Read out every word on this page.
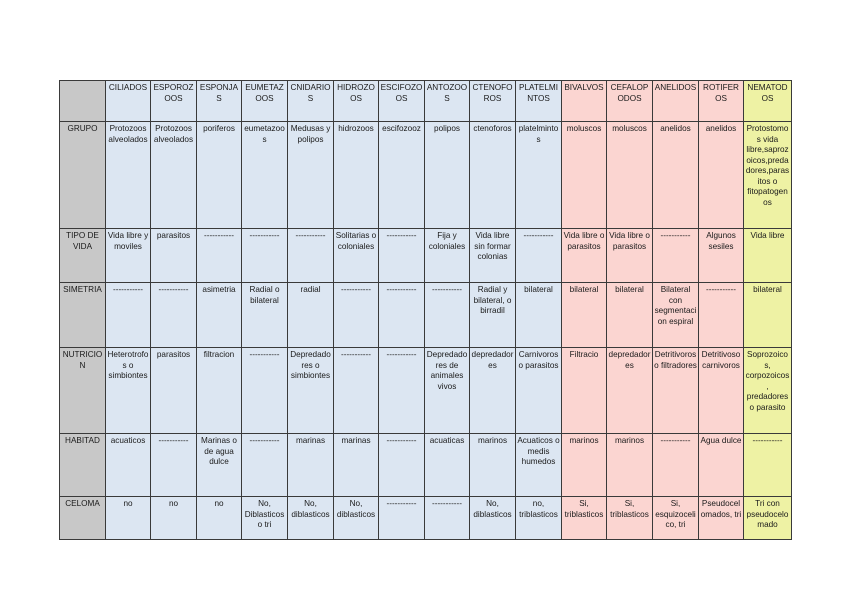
	CILIADOS	ESPOROZOOS	ESPONJAS	EUMETAZOOS	CNIDARIOS	HIDROZOOS	ESCIFOZOOS	ANTOZOOS	CTENOFOROS	PLATELMINTOS	BIVALVOS	CEFALOPODOS	ANELIDOS	ROTIFEROS	NEMATODOS
GRUPO	Protozoos alveolados	Protozoos alveolados	poriferos	eumetazoos	Medusas y polipos	hidrozoos	escifozooz	polipos	ctenoforos	platelmintos	moluscos	moluscos	anelidos	anelidos	Protostomos vida libre,saprozoicos,predadores,parasitos o fitopatogenos
TIPO DE VIDA	Vida libre y moviles	parasitos	-----------	-----------	-----------	Solitarias o coloniales	-----------	Fija y coloniales	Vida libre sin formar colonias	-----------	Vida libre o parasitos	Vida libre o parasitos	-----------	Algunos sesiles	Vida libre
SIMETRIA	-----------	-----------	asimetria	Radial o bilateral	radial	-----------	-----------	-----------	Radial y bilateral, o birradil	bilateral	bilateral	bilateral	Bilateral con segmentacion espiral	-----------	bilateral
NUTRICION	Heterotrofos o simbiontes	parasitos	filtracion	-----------	Depredadores o simbiontes	-----------	-----------	Depredadores de animales vivos	depredadores	Carnivoros o parasitos	Filtracio	depredadores	Detritivoros o filtradores	Detritivoso carnivoros	Soprozoicos, corpozoicos, predadores o parasito
HABITAD	acuaticos	-----------	Marinas o de agua dulce	-----------	marinas	marinas	-----------	acuaticas	marinos	Acuaticos o medis humedos	marinos	marinos	-----------	Agua dulce	-----------
CELOMA	no	no	no	No, Diblasticos o tri	No, diblasticos	No, diblasticos	-----------	-----------	No, diblasticos	no, triblasticos	Si, triblasticos	Si, triblasticos	Si, esquizocelico, tri	Pseudocelomados, tri	Tri con pseudocelomado
